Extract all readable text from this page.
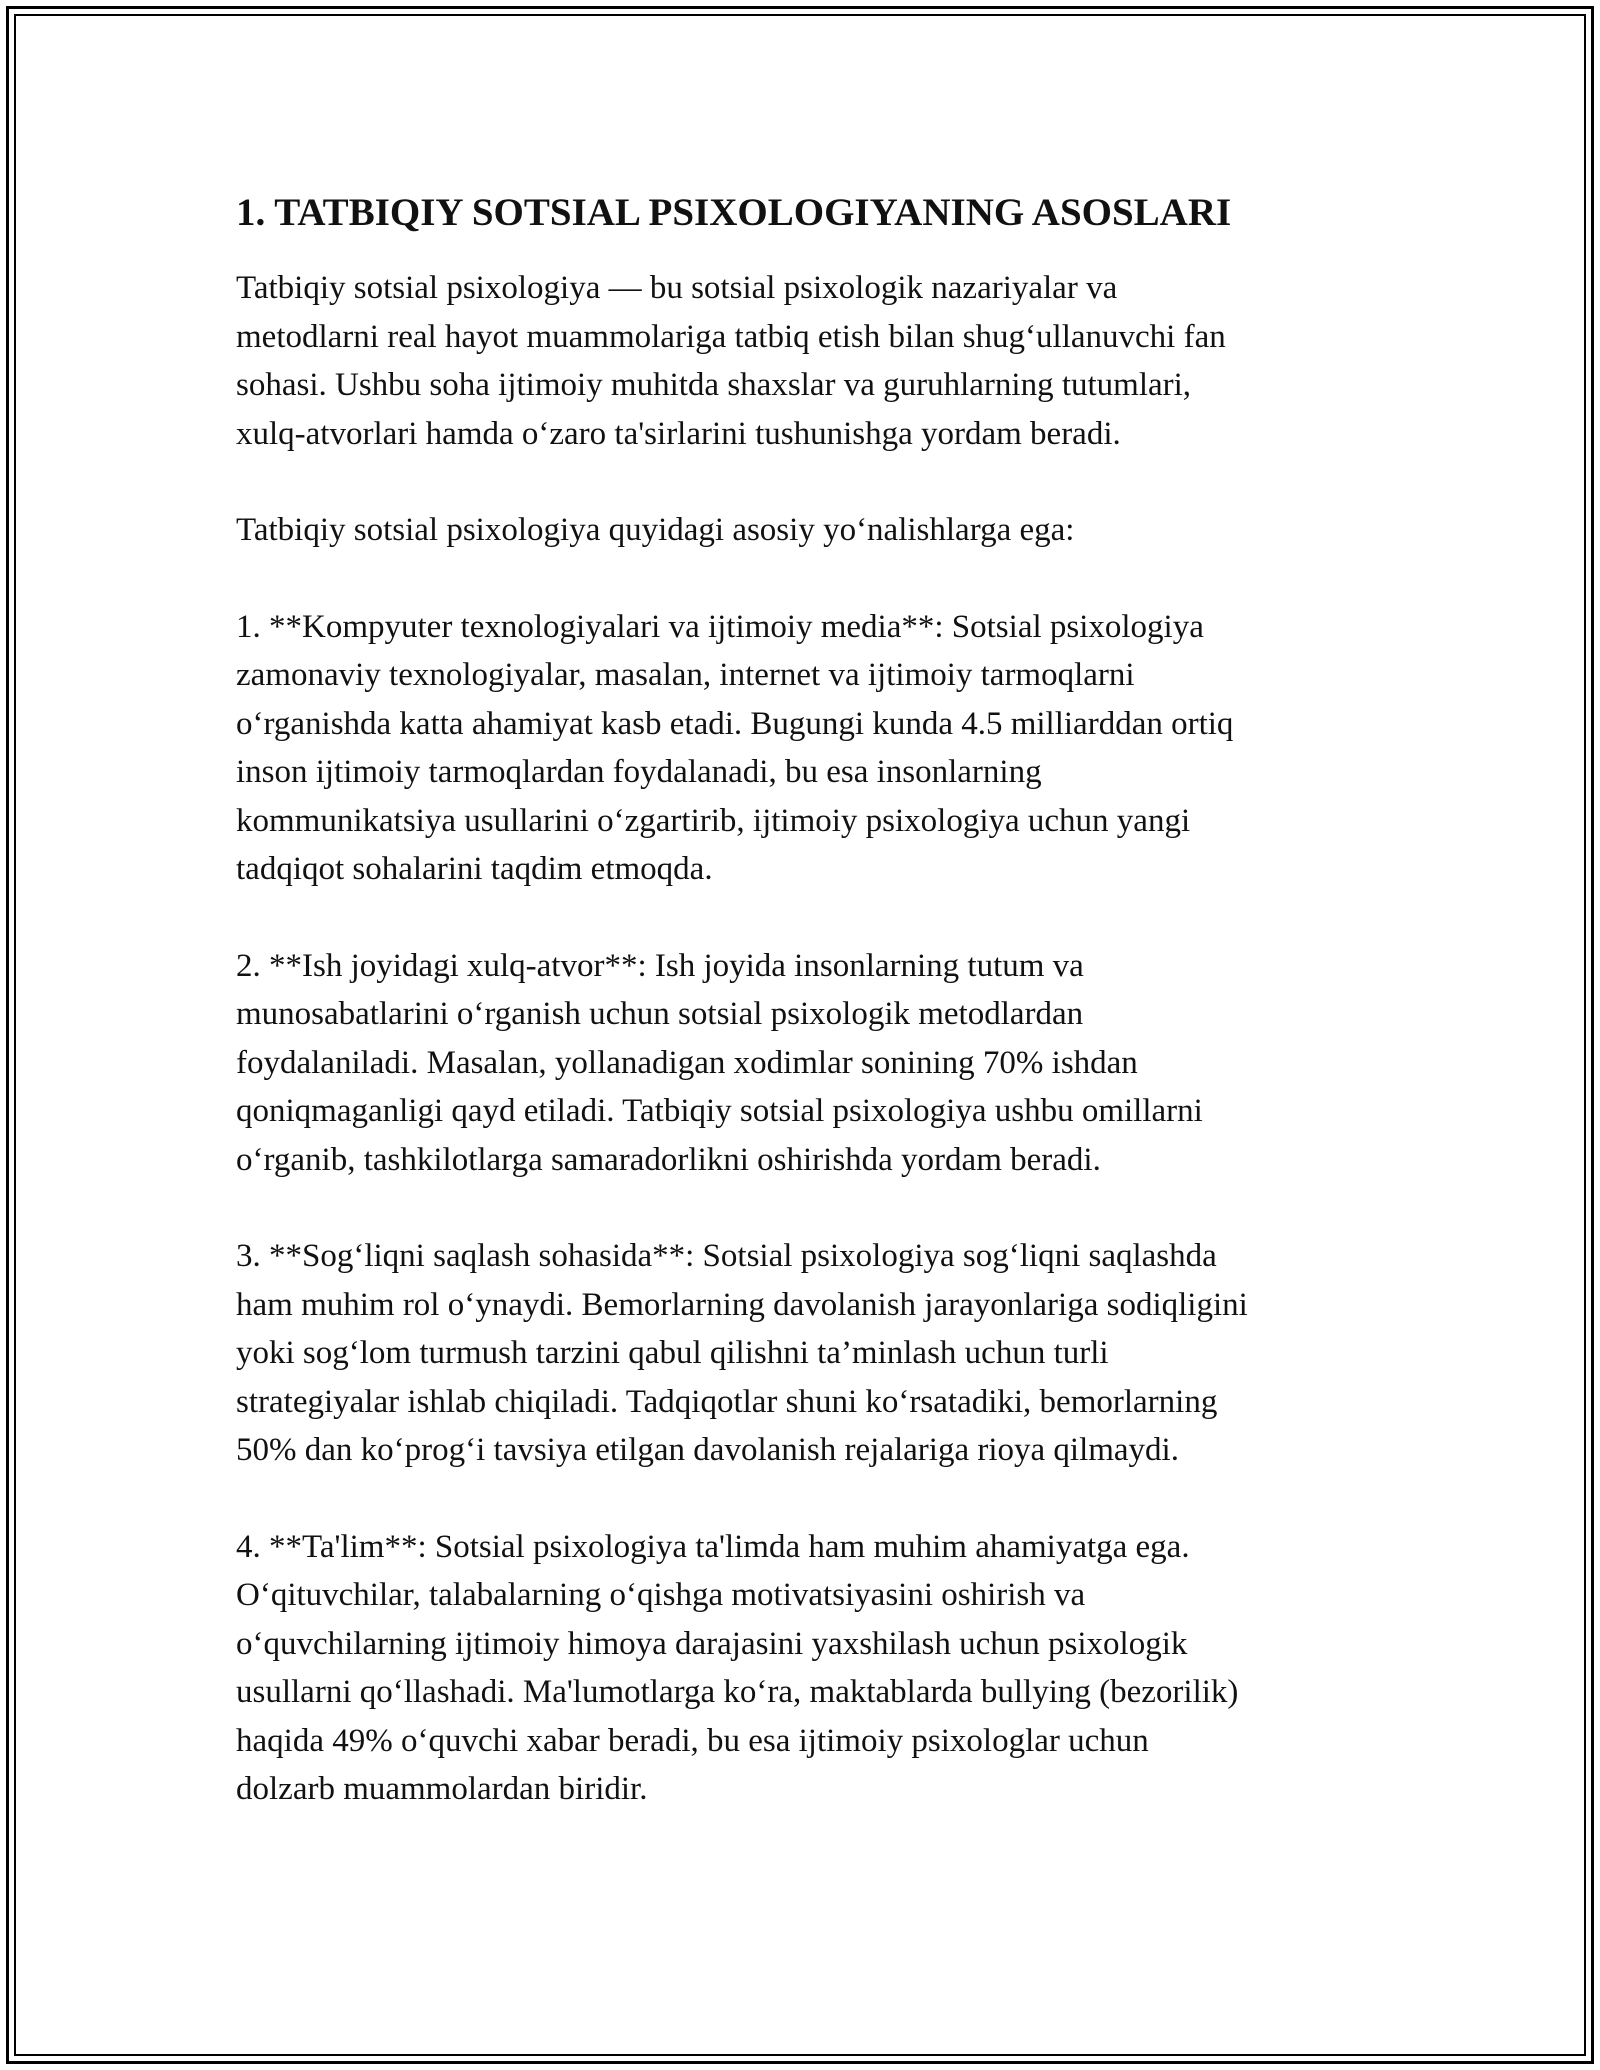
1. TATBIQIY SOTSIAL PSIXOLOGIYANING ASOSLARI

Tatbiqiy sotsial psixologiya — bu sotsial psixologik nazariyalar va
metodlarni real hayot muammolariga tatbiq etish bilan shug‘ullanuvchi fan
sohasi. Ushbu soha ijtimoiy muhitda shaxslar va guruhlarning tutumlari,
xulq-atvorlari hamda o‘zaro ta'sirlarini tushunishga yordam beradi.

Tatbiqiy sotsial psixologiya quyidagi asosiy yo‘nalishlarga ega:

1. **Kompyuter texnologiyalari va ijtimoiy media**: Sotsial psixologiya
zamonaviy texnologiyalar, masalan, internet va ijtimoiy tarmoqlarni
o‘rganishda katta ahamiyat kasb etadi. Bugungi kunda 4.5 milliarddan ortiq
inson ijtimoiy tarmoqlardan foydalanadi, bu esa insonlarning
kommunikatsiya usullarini o‘zgartirib, ijtimoiy psixologiya uchun yangi
tadqiqot sohalarini taqdim etmoqda.

2. **Ish joyidagi xulq-atvor**: Ish joyida insonlarning tutum va
munosabatlarini o‘rganish uchun sotsial psixologik metodlardan
foydalaniladi. Masalan, yollanadigan xodimlar sonining 70% ishdan
qoniqmaganligi qayd etiladi. Tatbiqiy sotsial psixologiya ushbu omillarni
o‘rganib, tashkilotlarga samaradorlikni oshirishda yordam beradi.

3. **Sog‘liqni saqlash sohasida**: Sotsial psixologiya sog‘liqni saqlashda
ham muhim rol o‘ynaydi. Bemorlarning davolanish jarayonlariga sodiqligini
yoki sog‘lom turmush tarzini qabul qilishni ta’minlash uchun turli
strategiyalar ishlab chiqiladi. Tadqiqotlar shuni ko‘rsatadiki, bemorlarning
50% dan ko‘prog‘i tavsiya etilgan davolanish rejalariga rioya qilmaydi.

4. **Ta'lim**: Sotsial psixologiya ta'limda ham muhim ahamiyatga ega.
O‘qituvchilar, talabalarning o‘qishga motivatsiyasini oshirish va
o‘quvchilarning ijtimoiy himoya darajasini yaxshilash uchun psixologik
usullarni qo‘llashadi. Ma'lumotlarga ko‘ra, maktablarda bullying (bezorilik)
haqida 49% o‘quvchi xabar beradi, bu esa ijtimoiy psixologlar uchun
dolzarb muammolardan biridir.
